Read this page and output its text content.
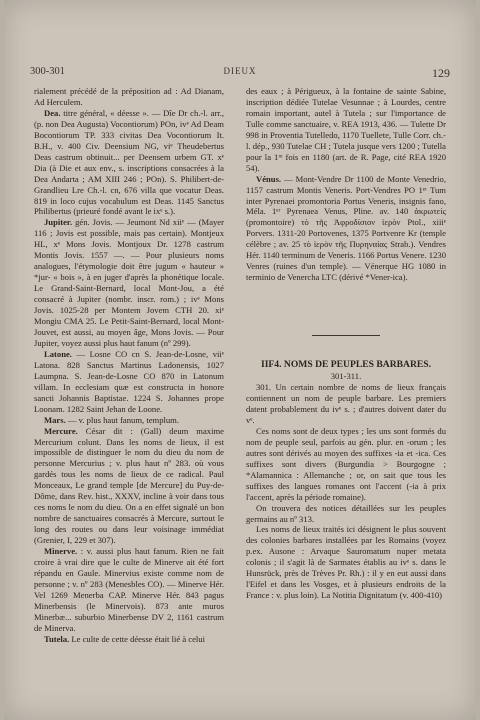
300-301	DIEUX	129

rialement précédé de la préposition ad : Ad Dianam, Ad Herculem.

Dea. titre général, « déesse ». — Dîe Dr ch.-l. arr., (p. non Dea Augusta) Vocontiorum) POn, ivᵉ Ad Deam Bocontiorum TP. 333 civitas Dea Vocontiorum It. B.H., v. 400 Civ. Deensium NG, viᵉ Theudebertus Deas castrum obtinuit... per Deensem urbem GT. xᵉ Dia (à Die et aux env., s. inscriptions consacrées à la Dea Andarta ; AM XIII 246 ; POn). S. Philibert-de-Grandlieu Lre Ch.-l. cn, 676 villa que vocatur Deas. 819 in loco cujus vocabulum est Deas. 1145 Sanctus Philibertus (prieuré fondé avant le ixᵉ s.).

Jupiter. gén. Jovis. — Jeumont Nd xiiᵉ — (Mayer 116 ; Jovis est possible, mais pas certain). Montjeux HL, xᵉ Mons Jovis. Montjoux Dr. 1278 castrum Montis Jovis. 1557 —. — Pour plusieurs noms analogues, l'étymologie doit être jugum « hauteur » *jur- « bois », à en juger d'après la phonétique locale. Le Grand-Saint-Bernard, local Mont-Jou, a été consacré à Jupiter (nombr. inscr. rom.) ; ivᵉ Mons Jovis. 1025-28 per Montem Jovem CTH 20. xiᵉ Mongiu CMA 25. Le Petit-Saint-Bernard, local Mont-Jouvet, est aussi, au moyen âge, Mons Jovis. — Pour Jupiter, voyez aussi plus haut fanum (nº 299).

Latone. — Losne CO cn S. Jean-de-Losne, viiᵉ Latona. 828 Sanctus Martinus Ladonensis, 1027 Laumpna. S. Jean-de-Losne CO 870 in Latonum villam. In ecclesiam quæ est constructa in honore sancti Johannis Baptistae. 1224 S. Johannes prope Loonam. 1282 Saint Jehan de Loone.

Mars. — v. plus haut fanum, templum.

Mercure. César dit : (Gall) deum maxime Mercurium colunt. Dans les noms de lieux, il est impossible de distinguer le nom du dieu du nom de personne Mercurius ; v. plus haut nº 283. où vous gardés tous les noms de lieux de ce radical. Paul Monceaux, Le grand temple [de Mercure] du Puy-de-Dôme, dans Rev. hist., XXXV, incline à voir dans tous ces noms le nom du dieu. On a en effet signalé un bon nombre de sanctuaires consacrés à Mercure, surtout le long des routes ou dans leur voisinage immédiat (Grenier, I, 229 et 307).

Minerve. : v. aussi plus haut fanum. Rien ne fait croire à vrai dire que le culte de Minerve ait été fort répandu en Gaule. Minervius existe comme nom de personne ; v. nº 283 (Menesbles CO). — Minerve Hér. Vel 1269 Menerba CAP. Minerve Hér. 843 pagus Minerbensis (le Minervois). 873 ante muros Minerbæ... suburbio Minerbense DV 2, 1161 castrum de Minerva.

Tutela. Le culte de cette déesse était lié à celui

des eaux ; à Périgueux, à la fontaine de sainte Sabine, inscription dédiée Tutelae Vesunnae ; à Lourdes, centre romain important, autel à Tutela ; sur l'importance de Tulle comme sanctuaire, v. REA 1913, 436. — Tulette Dr 998 in Proventia Tutelledo, 1170 Tuellete, Tulle Corr. ch.-l. dép., 930 Tutelae CH ; Tutela jusque vers 1200 ; Tutella pour la 1ʳᵉ fois en 1180 (art. de R. Page, cité REA 1920 54).

Vénus. — Mont-Vendre Dr 1100 de Monte Venedrio, 1157 castrum Montis Veneris. Port-Vendres PO 1ᵉʳ Tum inter Pyrenaei promontoria Portus Veneris, insignis fano, Méla. 1ᵉʳ Pyrenaea Venus, Pline. av. 140 ἀκρωτείς (promontoire) τὸ τῆς Ἀφροδίσιον ἱερὸν Ptol., xiiiᵉ Porvers. 1311-20 Portovenes, 1375 Portvenre Kr (temple célèbre ; av. 25 τὸ ἱερὸν τῆς Πυρηναίας Strab.). Vendres Hér. 1140 terminum de Veneris. 1166 Portus Venere. 1230 Venres (ruines d'un temple). — Vénerque HG 1080 in terminio de Venercha LTC (dérivé *Vener-ica).

IIF4. NOMS DE PEUPLES BARBARES.

301-311.

301. Un certain nombre de noms de lieux français contiennent un nom de peuple barbare. Les premiers datent probablement du ivᵉ s. ; d'autres doivent dater du vᵉ.

Ces noms sont de deux types ; les uns sont formés du nom de peuple seul, parfois au gén. plur. en -orum ; les autres sont dérivés au moyen des suffixes -ia et -ica. Ces suffixes sont divers (Burgundia > Bourgogne ; *Alamannica : Allemanche ; or, on sait que tous les suffixes des langues romanes ont l'accent (-ia à prix l'accent, après la période romaine).

On trouvera des notices détaillées sur les peuples germains au nº 313.

Les noms de lieux traités ici désignent le plus souvent des colonies barbares installées par les Romains (voyez p.ex. Ausone : Arvaque Sauromatum nuper metata colonis ; il s'agit là de Sarmates établis au ivᵉ s. dans le Hunsrück, près de Trèves Pr. Rh.) : il y en eut aussi dans l'Eifel et dans les Vosges, et à plusieurs endroits de la France : v. plus loin). La Notitia Dignitatum (v. 400-410)
